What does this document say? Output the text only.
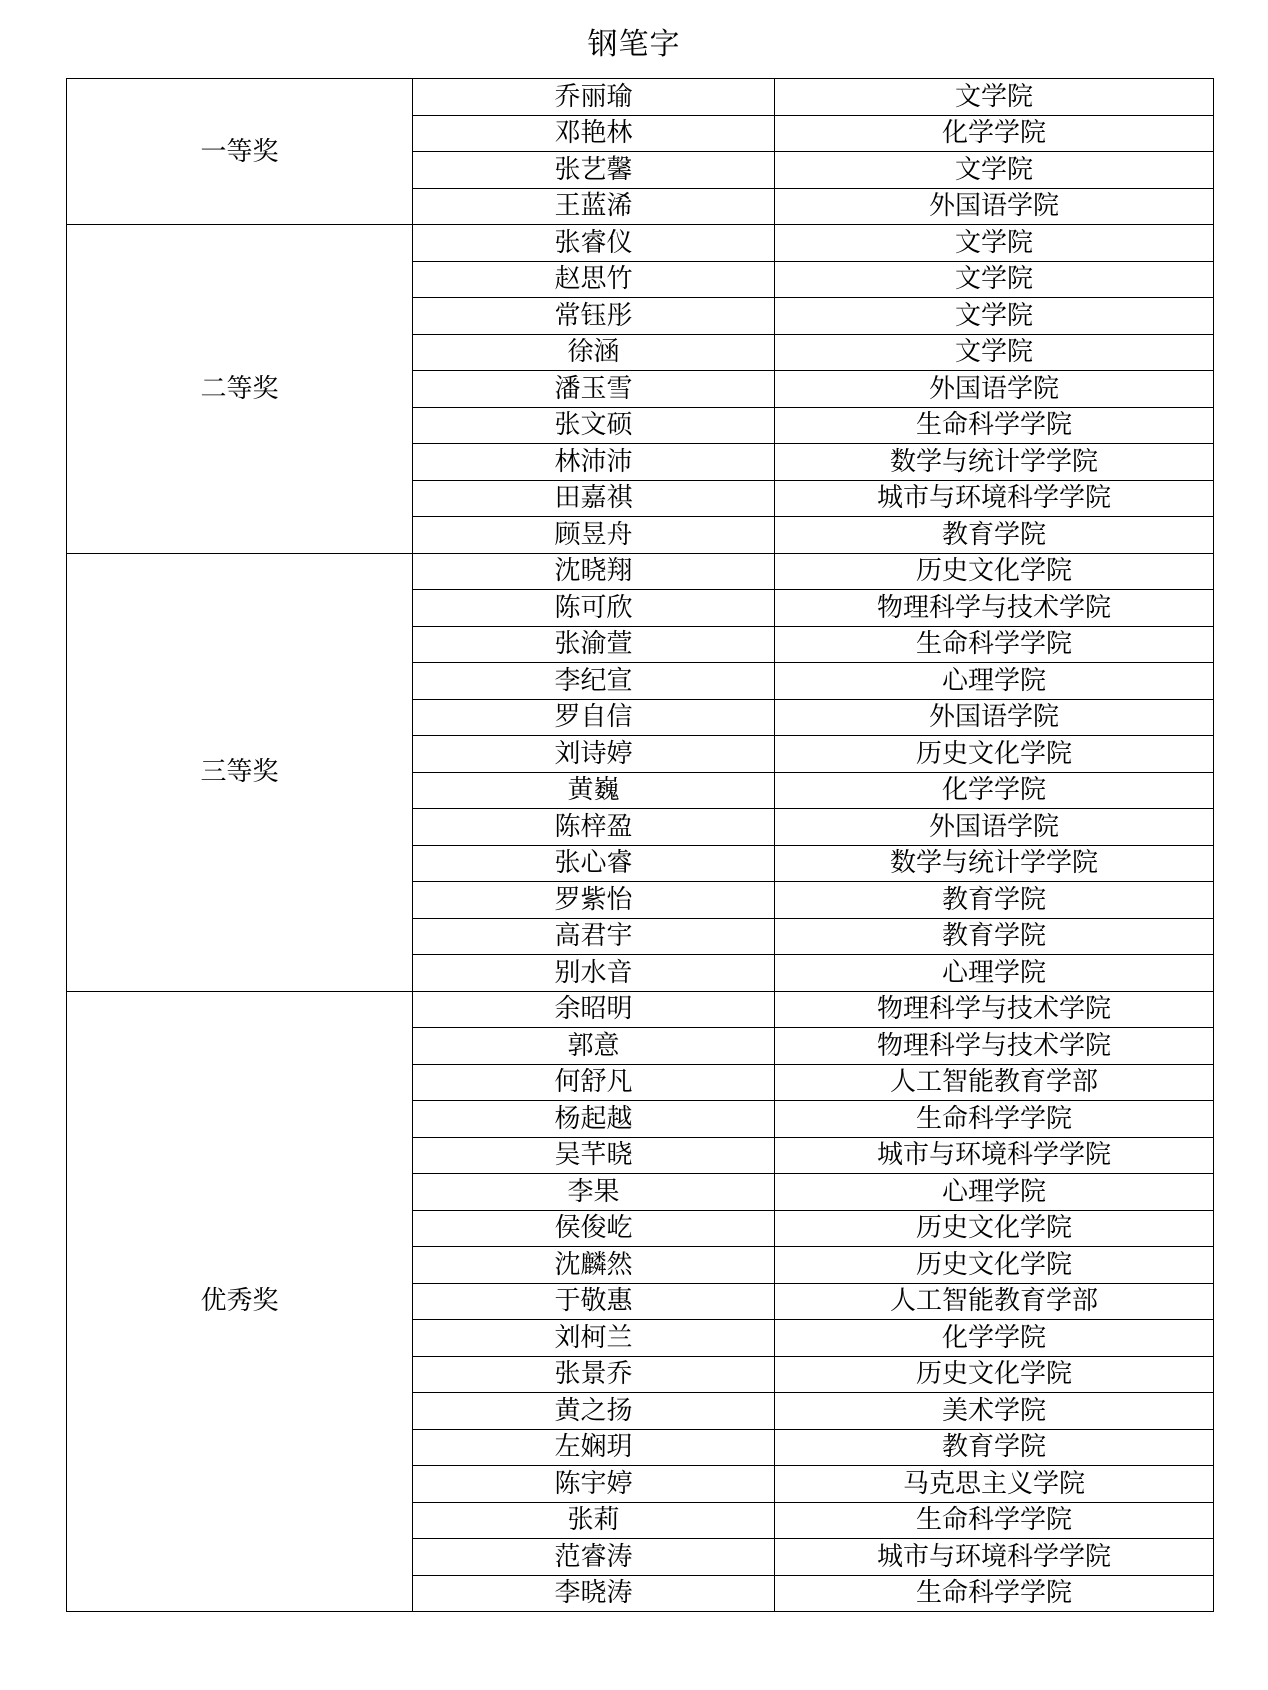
钢笔字
一等奖	乔丽瑜	文学院
	邓艳林	化学学院
	张艺馨	文学院
	王蓝浠	外国语学院
二等奖	张睿仪	文学院
	赵思竹	文学院
	常钰彤	文学院
	徐涵	文学院
	潘玉雪	外国语学院
	张文硕	生命科学学院
	林沛沛	数学与统计学学院
	田嘉祺	城市与环境科学学院
	顾昱舟	教育学院
三等奖	沈晓翔	历史文化学院
	陈可欣	物理科学与技术学院
	张渝萱	生命科学学院
	李纪宣	心理学院
	罗自信	外国语学院
	刘诗婷	历史文化学院
	黄巍	化学学院
	陈梓盈	外国语学院
	张心睿	数学与统计学学院
	罗紫怡	教育学院
	高君宇	教育学院
	别水音	心理学院
优秀奖	余昭明	物理科学与技术学院
	郭意	物理科学与技术学院
	何舒凡	人工智能教育学部
	杨起越	生命科学学院
	吴芊晓	城市与环境科学学院
	李果	心理学院
	侯俊屹	历史文化学院
	沈麟然	历史文化学院
	于敬惠	人工智能教育学部
	刘柯兰	化学学院
	张景乔	历史文化学院
	黄之扬	美术学院
	左娴玥	教育学院
	陈宇婷	马克思主义学院
	张莉	生命科学学院
	范睿涛	城市与环境科学学院
	李晓涛	生命科学学院
